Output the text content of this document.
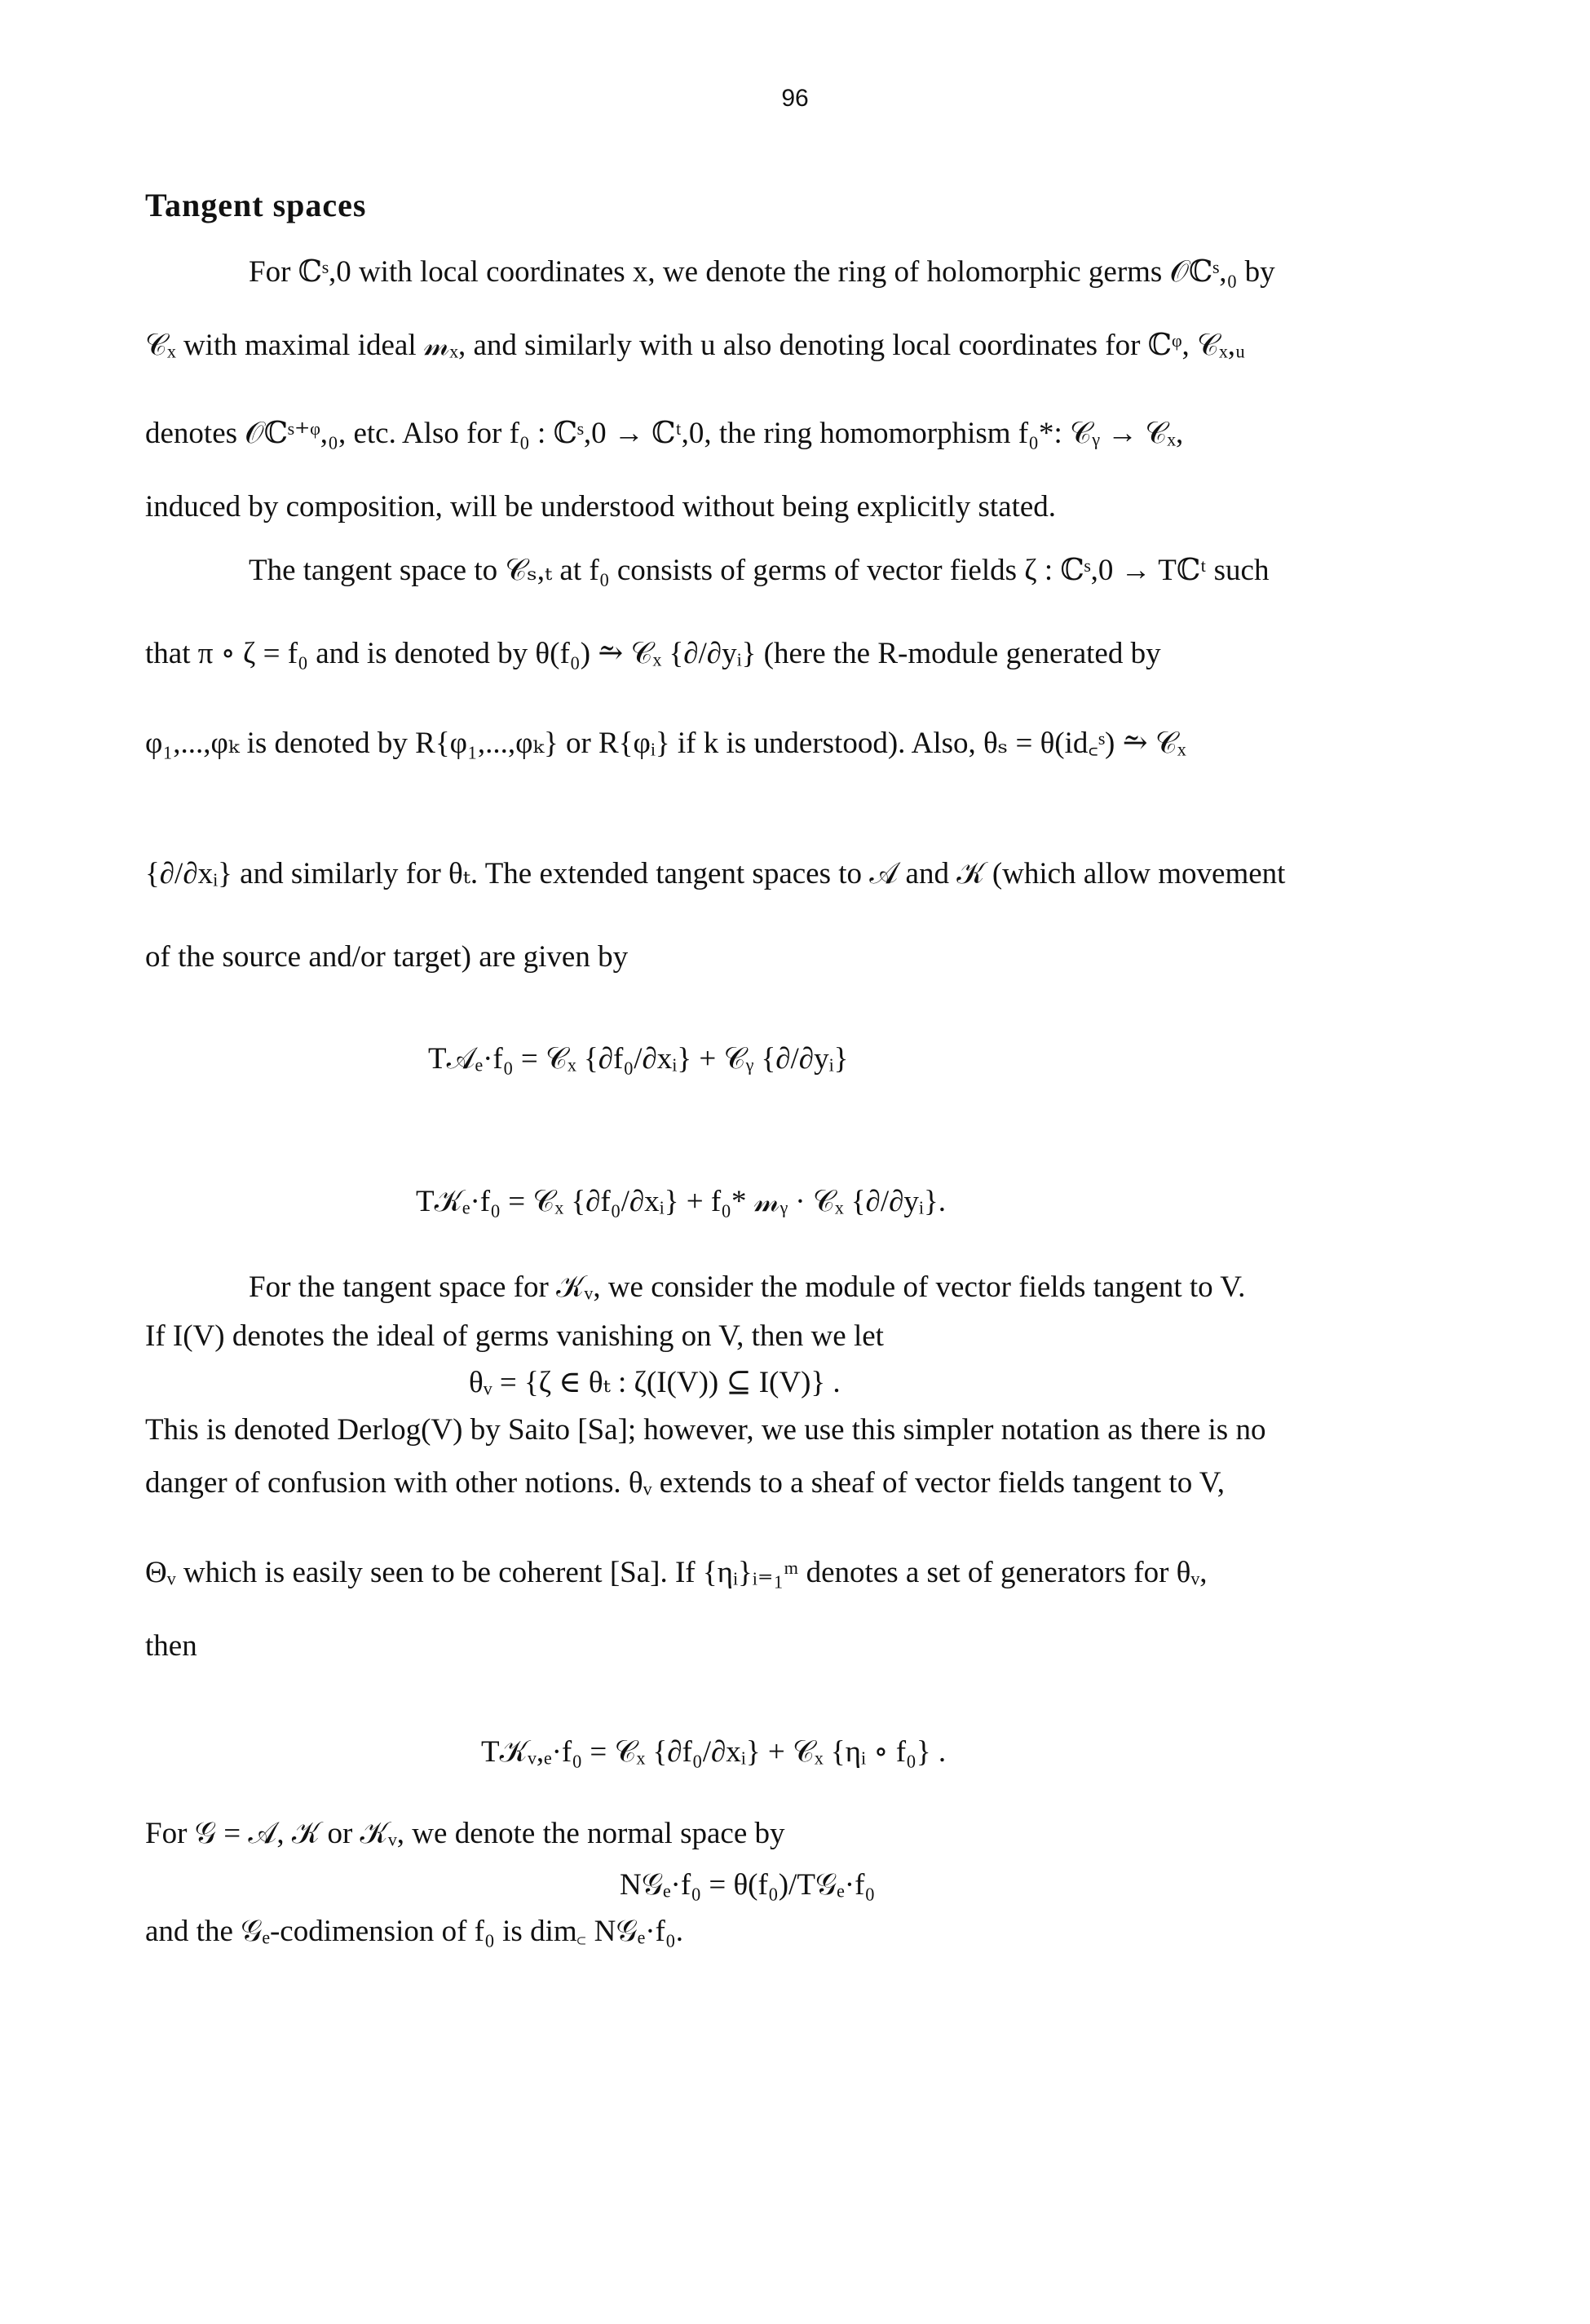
96
Tangent spaces
For ℂˢ,0 with local coordinates x, we denote the ring of holomorphic germs 𝒪ℂˢ,₀ by
𝒞ₓ with maximal ideal 𝓂ₓ, and similarly with u also denoting local coordinates for ℂᵠ, 𝒞ₓ,ᵤ
denotes 𝒪ℂˢ⁺ᵠ,₀, etc. Also for f₀ : ℂˢ,0 → ℂᵗ,0, the ring homomorphism f₀*: 𝒞ᵧ → 𝒞ₓ,
induced by composition, will be understood without being explicitly stated.
The tangent space to 𝒞ₛ,ₜ at f₀ consists of germs of vector fields ζ : ℂˢ,0 → Tℂᵗ such
that π ∘ ζ = f₀ and is denoted by θ(f₀) ⥲ 𝒞ₓ {∂/∂yᵢ} (here the R-module generated by
φ₁,...,φₖ is denoted by R{φ₁,...,φₖ} or R{φᵢ} if k is understood). Also, θₛ = θ(id꜀ˢ) ⥲ 𝒞ₓ
{∂/∂xᵢ} and similarly for θₜ. The extended tangent spaces to 𝒜 and 𝒦 (which allow movement
of the source and/or target) are given by
T𝒜ₑ·f₀ = 𝒞ₓ {∂f₀/∂xᵢ} + 𝒞ᵧ {∂/∂yᵢ}
T𝒦ₑ·f₀ = 𝒞ₓ {∂f₀/∂xᵢ} + f₀* 𝓂ᵧ · 𝒞ₓ {∂/∂yᵢ}.
For the tangent space for 𝒦ᵥ, we consider the module of vector fields tangent to V.
If I(V) denotes the ideal of germs vanishing on V, then we let
θᵥ = {ζ ∈ θₜ : ζ(I(V)) ⊆ I(V)} .
This is denoted Derlog(V) by Saito [Sa]; however, we use this simpler notation as there is no
danger of confusion with other notions. θᵥ extends to a sheaf of vector fields tangent to V,
Θᵥ which is easily seen to be coherent [Sa]. If {ηᵢ}ᵢ₌₁ᵐ denotes a set of generators for θᵥ,
then
T𝒦ᵥ,ₑ·f₀ = 𝒞ₓ {∂f₀/∂xᵢ} + 𝒞ₓ {ηᵢ ∘ f₀} .
For 𝒢 = 𝒜, 𝒦 or 𝒦ᵥ, we denote the normal space by
N𝒢ₑ·f₀ = θ(f₀)/T𝒢ₑ·f₀
and the 𝒢ₑ-codimension of f₀ is dim꜀ N𝒢ₑ·f₀.
